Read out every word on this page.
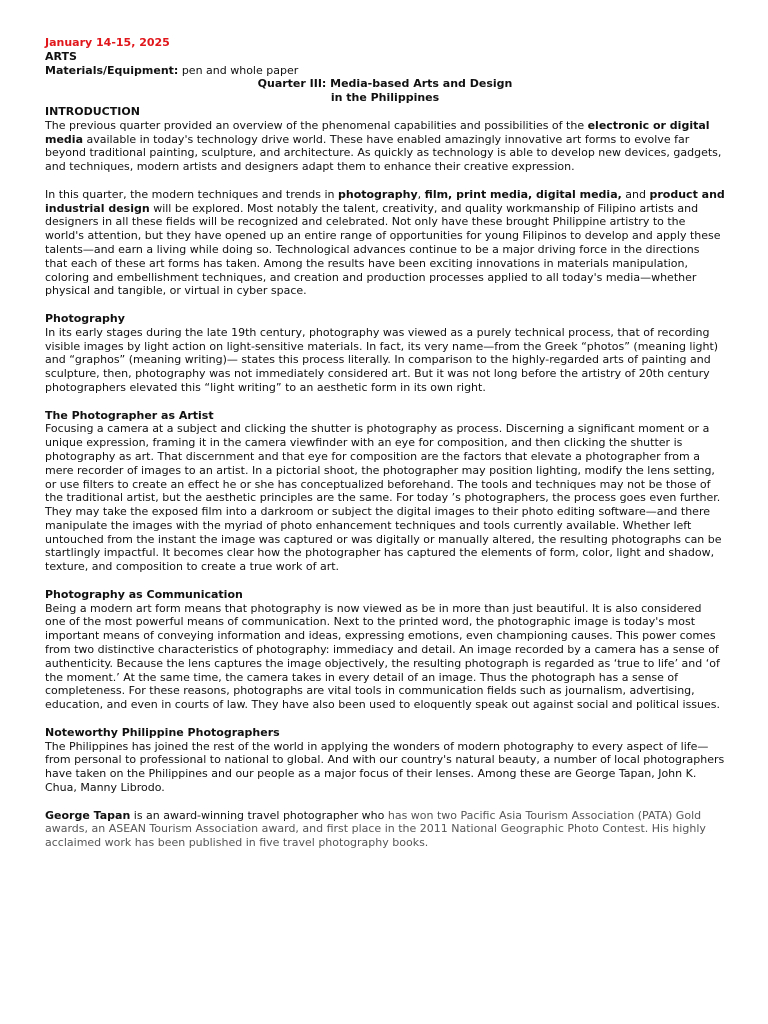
January 14-15, 2025

ARTS

Materials/Equipment: pen and whole paper

Quarter III: Media-based Arts and Design

in the Philippines

INTRODUCTION

The previous quarter provided an overview of the phenomenal capabilities and possibilities of the electronic or digital media available in today's technology drive world. These have enabled amazingly innovative art forms to evolve far beyond traditional painting, sculpture, and architecture. As quickly as technology is able to develop new devices, gadgets, and techniques, modern artists and designers adapt them to enhance their creative expression.

In this quarter, the modern techniques and trends in photography, film, print media, digital media, and product and industrial design will be explored. Most notably the talent, creativity, and quality workmanship of Filipino artists and designers in all these fields will be recognized and celebrated. Not only have these brought Philippine artistry to the world's attention, but they have opened up an entire range of opportunities for young Filipinos to develop and apply these talents—and earn a living while doing so. Technological advances continue to be a major driving force in the directions that each of these art forms has taken. Among the results have been exciting innovations in materials manipulation, coloring and embellishment techniques, and creation and production processes applied to all today's media—whether physical and tangible, or virtual in cyber space.

Photography

In its early stages during the late 19th century, photography was viewed as a purely technical process, that of recording visible images by light action on light-sensitive materials. In fact, its very name—from the Greek “photos” (meaning light) and “graphos” (meaning writing)— states this process literally. In comparison to the highly-regarded arts of painting and sculpture, then, photography was not immediately considered art. But it was not long before the artistry of 20th century photographers elevated this “light writing” to an aesthetic form in its own right.

The Photographer as Artist

Focusing a camera at a subject and clicking the shutter is photography as process. Discerning a significant moment or a unique expression, framing it in the camera viewfinder with an eye for composition, and then clicking the shutter is photography as art. That discernment and that eye for composition are the factors that elevate a photographer from a mere recorder of images to an artist. In a pictorial shoot, the photographer may position lighting, modify the lens setting, or use filters to create an effect he or she has conceptualized beforehand. The tools and techniques may not be those of the traditional artist, but the aesthetic principles are the same. For today ’s photographers, the process goes even further. They may take the exposed film into a darkroom or subject the digital images to their photo editing software—and there manipulate the images with the myriad of photo enhancement techniques and tools currently available. Whether left untouched from the instant the image was captured or was digitally or manually altered, the resulting photographs can be startlingly impactful. It becomes clear how the photographer has captured the elements of form, color, light and shadow, texture, and composition to create a true work of art.

Photography as Communication

Being a modern art form means that photography is now viewed as be in more than just beautiful. It is also considered one of the most powerful means of communication. Next to the printed word, the photographic image is today's most important means of conveying information and ideas, expressing emotions, even championing causes. This power comes from two distinctive characteristics of photography: immediacy and detail. An image recorded by a camera has a sense of authenticity. Because the lens captures the image objectively, the resulting photograph is regarded as ‘true to life’ and ‘of the moment.’ At the same time, the camera takes in every detail of an image. Thus the photograph has a sense of completeness. For these reasons, photographs are vital tools in communication fields such as journalism, advertising, education, and even in courts of law. They have also been used to eloquently speak out against social and political issues.

Noteworthy Philippine Photographers

The Philippines has joined the rest of the world in applying the wonders of modern photography to every aspect of life—from personal to professional to national to global. And with our country's natural beauty, a number of local photographers have taken on the Philippines and our people as a major focus of their lenses. Among these are George Tapan, John K. Chua, Manny Librodo.

George Tapan is an award-winning travel photographer who has won two Pacific Asia Tourism Association (PATA) Gold awards, an ASEAN Tourism Association award, and first place in the 2011 National Geographic Photo Contest. His highly acclaimed work has been published in five travel photography books.
